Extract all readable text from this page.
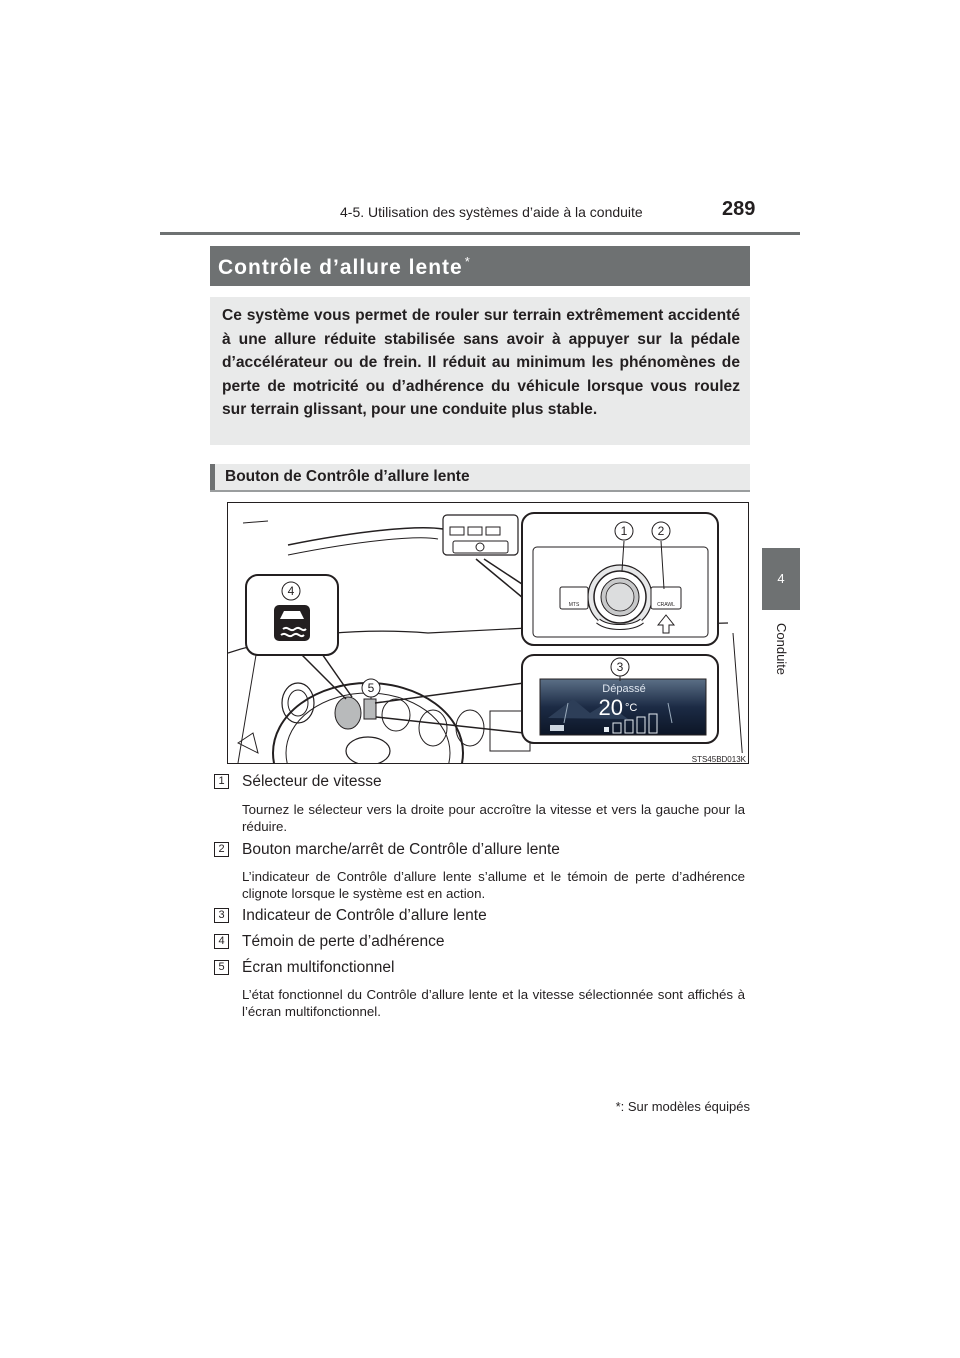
4-5. Utilisation des systèmes d’aide à la conduite	289
4
Conduite
Contrôle d’allure lente *

Ce système vous permet de rouler sur terrain extrêmement accidenté à une allure réduite stabilisée sans avoir à appuyer sur la pédale d’accélérateur ou de frein. Il réduit au minimum les phénomènes de perte de motricité ou d’adhérence du véhicule lorsque vous roulez sur terrain glissant, pour une conduite plus stable.

Bouton de Contrôle d’allure lente
MTS	CRAWL
1	2
Dépassé
20 °C
3
4
5
STS45BD013K
1 Sélecteur de vitesse

Tournez le sélecteur vers la droite pour accroître la vitesse et vers la gauche pour la réduire.

2 Bouton marche/arrêt de Contrôle d’allure lente

L’indicateur de Contrôle d’allure lente s’allume et le témoin de perte d’adhérence clignote lorsque le système est en action.

3 Indicateur de Contrôle d’allure lente
4 Témoin de perte d’adhérence
5 Écran multifonctionnel

L’état fonctionnel du Contrôle d’allure lente et la vitesse sélectionnée sont affichés à l’écran multifonctionnel.

*: Sur modèles équipés
